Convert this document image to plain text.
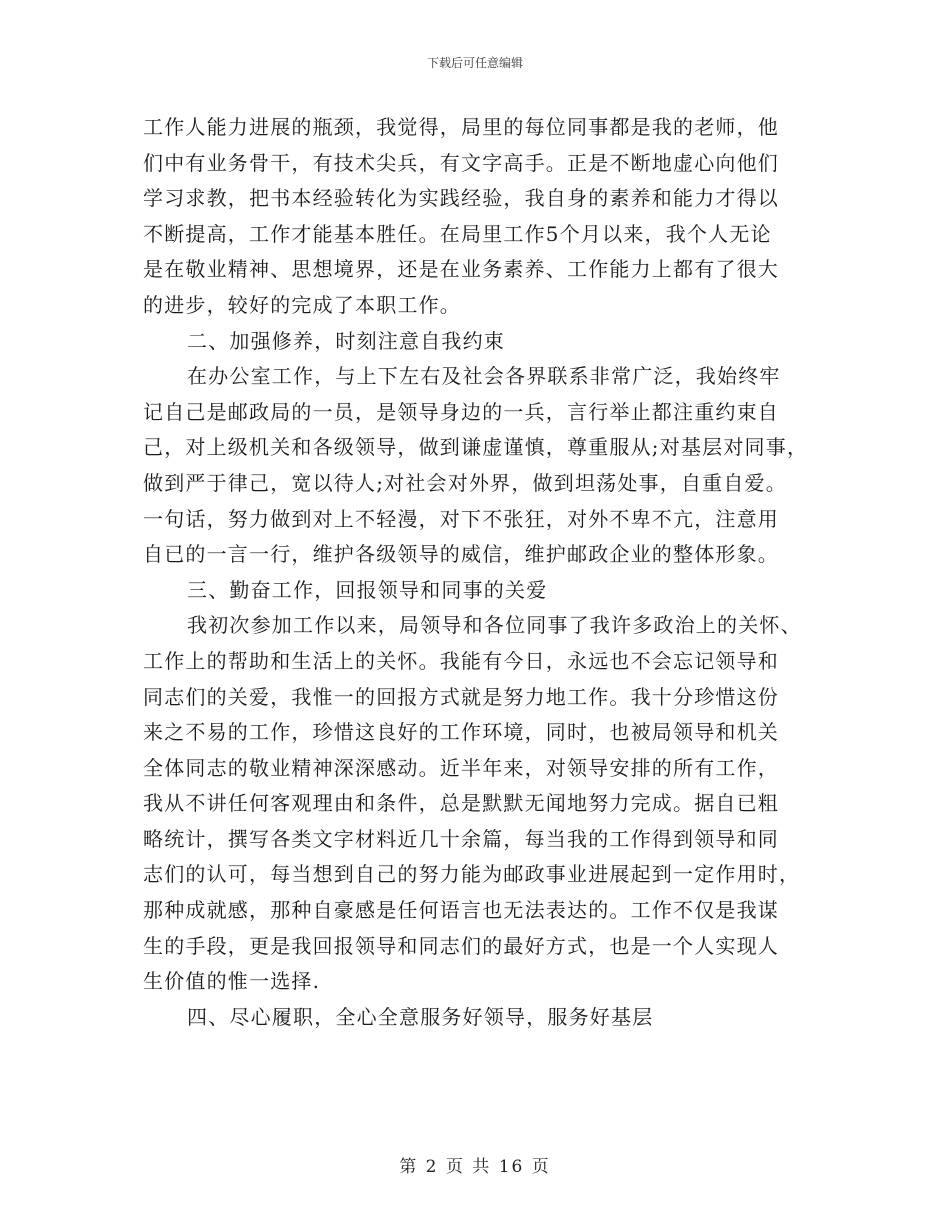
下载后可任意编辑
工作人能力进展的瓶颈，我觉得，局里的每位同事都是我的老师，他
们中有业务骨干，有技术尖兵，有文字高手。正是不断地虚心向他们
学习求教，把书本经验转化为实践经验，我自身的素养和能力才得以
不断提高，工作才能基本胜任。在局里工作5个月以来，我个人无论
是在敬业精神、思想境界，还是在业务素养、工作能力上都有了很大
的进步，较好的完成了本职工作。
二、加强修养，时刻注意自我约束
在办公室工作，与上下左右及社会各界联系非常广泛，我始终牢
记自己是邮政局的一员，是领导身边的一兵，言行举止都注重约束自
己，对上级机关和各级领导，做到谦虚谨慎，尊重服从;对基层对同事，
做到严于律己，宽以待人;对社会对外界，做到坦荡处事，自重自爱。
一句话，努力做到对上不轻漫，对下不张狂，对外不卑不亢，注意用
自已的一言一行，维护各级领导的威信，维护邮政企业的整体形象。
三、勤奋工作，回报领导和同事的关爱
我初次参加工作以来，局领导和各位同事了我许多政治上的关怀、
工作上的帮助和生活上的关怀。我能有今日，永远也不会忘记领导和
同志们的关爱，我惟一的回报方式就是努力地工作。我十分珍惜这份
来之不易的工作，珍惜这良好的工作环境，同时，也被局领导和机关
全体同志的敬业精神深深感动。近半年来，对领导安排的所有工作，
我从不讲任何客观理由和条件，总是默默无闻地努力完成。据自已粗
略统计，撰写各类文字材料近几十余篇，每当我的工作得到领导和同
志们的认可，每当想到自己的努力能为邮政事业进展起到一定作用时，
那种成就感，那种自豪感是任何语言也无法表达的。工作不仅是我谋
生的手段，更是我回报领导和同志们的最好方式，也是一个人实现人
生价值的惟一选择.
四、尽心履职，全心全意服务好领导，服务好基层
第 2 页 共 16 页
